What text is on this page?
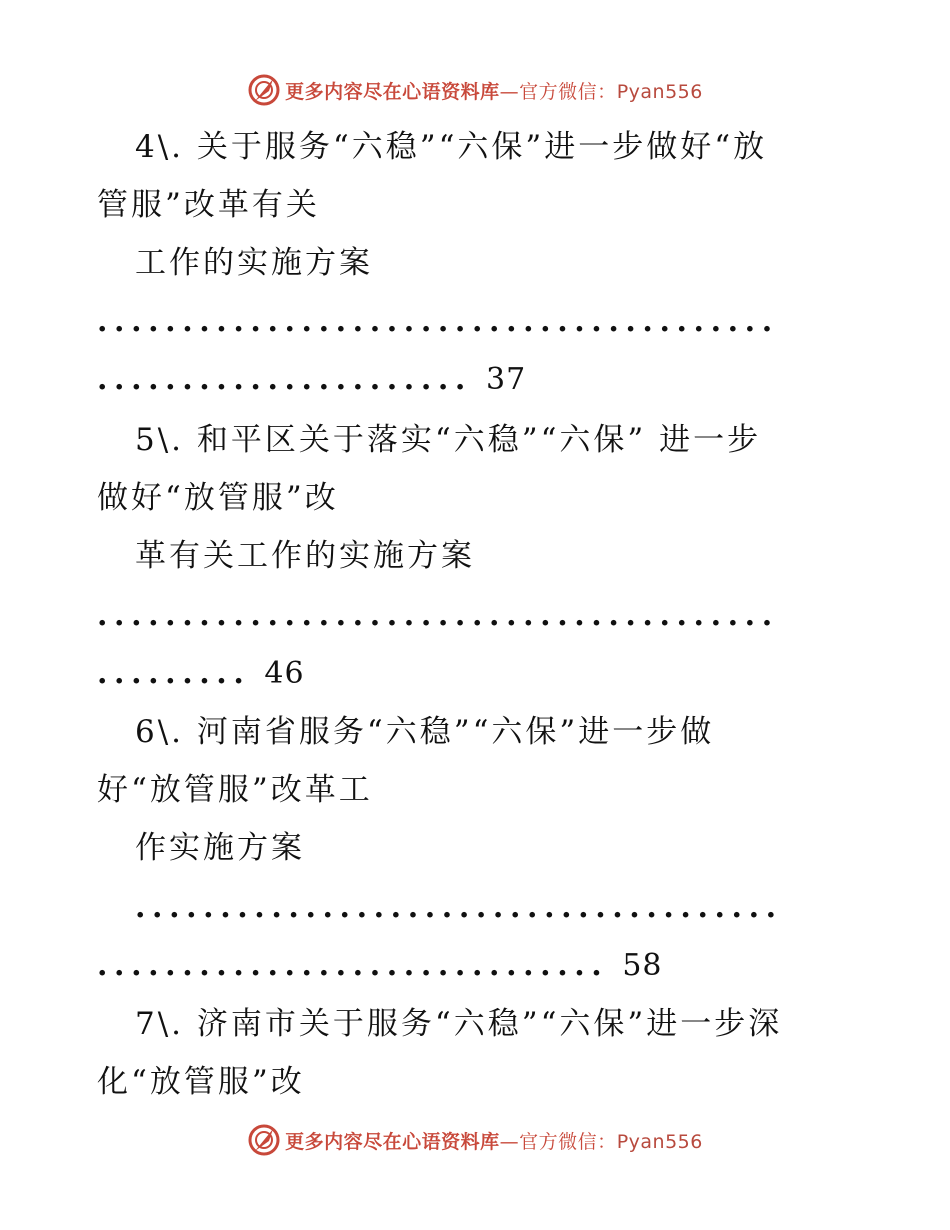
更多内容尽在心语资料库—官方微信：Pyan556
4\. 关于服务“六稳”“六保”进一步做好“放
管服”改革有关
工作的实施方案
........................................
...................... 37
5\. 和平区关于落实“六稳”“六保” 进一步
做好“放管服”改
革有关工作的实施方案
........................................
......... 46
6\. 河南省服务“六稳”“六保”进一步做
好“放管服”改革工
作实施方案
......................................
.............................. 58
7\. 济南市关于服务“六稳”“六保”进一步深
化“放管服”改
更多内容尽在心语资料库—官方微信：Pyan556
